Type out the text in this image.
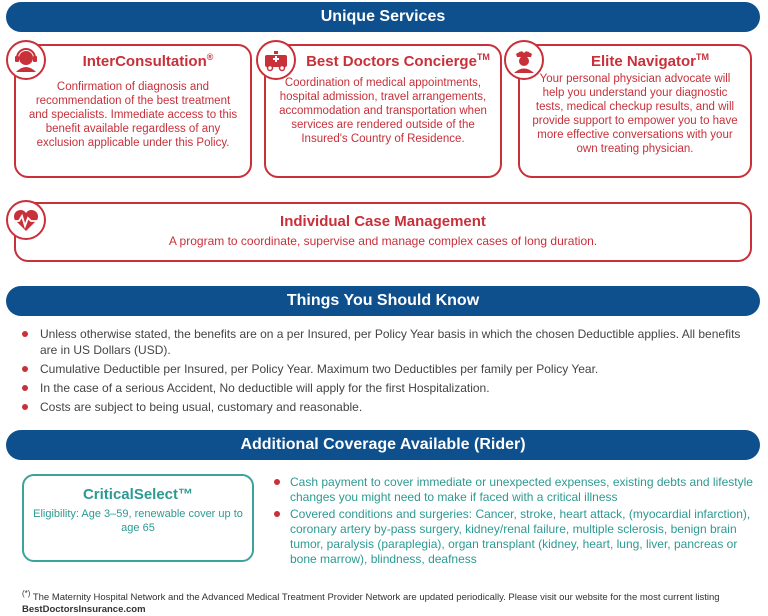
Unique Services
InterConsultation®
Confirmation of diagnosis and recommendation of the best treatment and specialists. Immediate access to this benefit available regardless of any exclusion applicable under this Policy.
Best Doctors Concierge™
Coordination of medical appointments, hospital admission, travel arrangements, accommodation and transportation when services are rendered outside of the Insured's Country of Residence.
Elite Navigator™
Your personal physician advocate will help you understand your diagnostic tests, medical checkup results, and will provide support to empower you to have more effective conversations with your own treating physician.
Individual Case Management
A program to coordinate, supervise and manage complex cases of long duration.
Things You Should Know
Unless otherwise stated, the benefits are on a per Insured, per Policy Year basis in which the chosen Deductible applies. All benefits are in US Dollars (USD).
Cumulative Deductible per Insured, per Policy Year. Maximum two Deductibles per family per Policy Year.
In the case of a serious Accident, No deductible will apply for the first Hospitalization.
Costs are subject to being usual, customary and reasonable.
Additional Coverage Available (Rider)
CriticalSelect™
Eligibility: Age 3–59, renewable cover up to age 65
Cash payment to cover immediate or unexpected expenses, existing debts and lifestyle changes you might need to make if faced with a critical illness
Covered conditions and surgeries: Cancer, stroke, heart attack, (myocardial infarction), coronary artery by-pass surgery, kidney/renal failure, multiple sclerosis, benign brain tumor, paralysis (paraplegia), organ transplant (kidney, heart, lung, liver, pancreas or bone marrow), blindness, deafness
(*) The Maternity Hospital Network and the Advanced Medical Treatment Provider Network are updated periodically. Please visit our website for the most current listing BestDoctorsInsurance.com
